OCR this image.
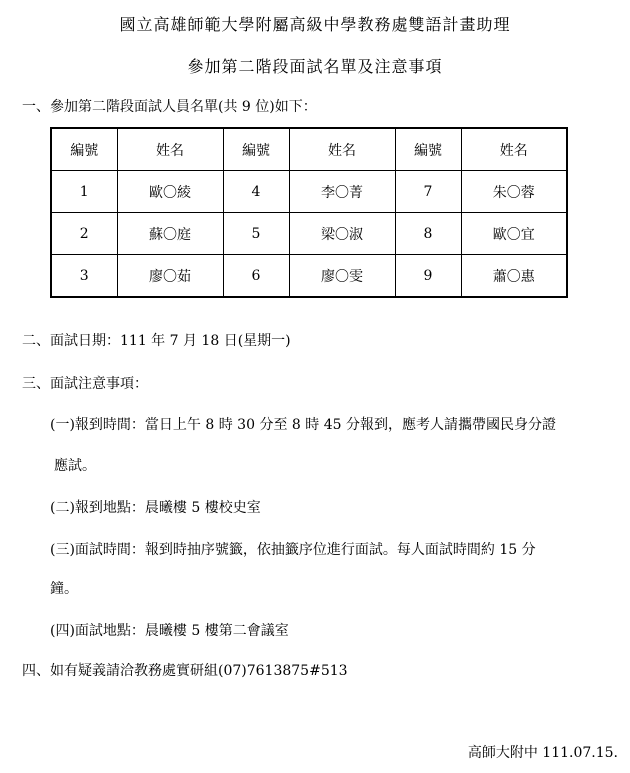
國立高雄師範大學附屬高級中學教務處雙語計畫助理
參加第二階段面試名單及注意事項
一、參加第二階段面試人員名單(共 9 位)如下：
編號	姓名	編號	姓名	編號	姓名
1	歐〇綾	4	李〇菁	7	朱〇蓉
2	蘇〇庭	5	梁〇淑	8	歐〇宜
3	廖〇茹	6	廖〇雯	9	蕭〇惠
二、面試日期：111 年 7 月 18 日(星期一)
三、面試注意事項：
(一)報到時間：當日上午 8 時 30 分至 8 時 45 分報到，應考人請攜帶國民身分證
應試。
(二)報到地點：晨曦樓 5 樓校史室
(三)面試時間：報到時抽序號籤，依抽籤序位進行面試。每人面試時間約 15 分
鐘。
(四)面試地點：晨曦樓 5 樓第二會議室
四、如有疑義請洽教務處實研組(07)7613875#513
高師大附中 111.07.15.
